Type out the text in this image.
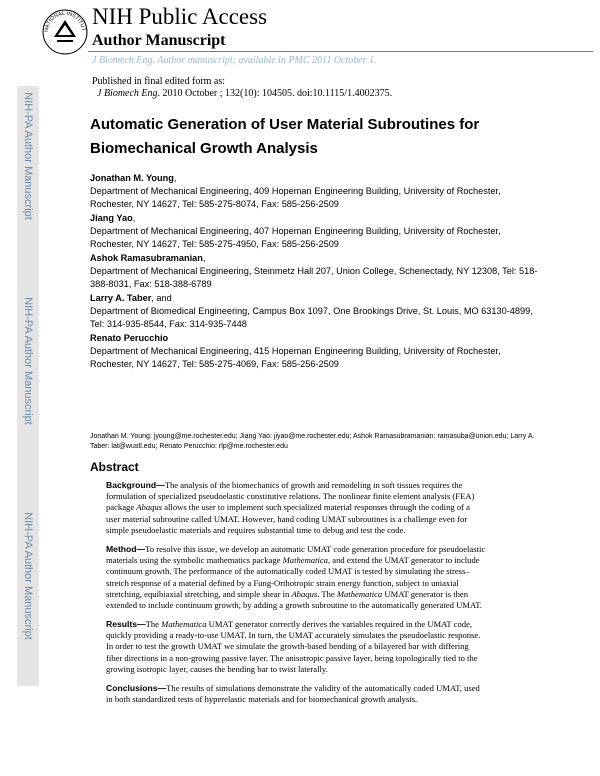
NATIONAL INSTITUT
NIH Public Access
Author Manuscript
J Biomech Eng. Author manuscript; available in PMC 2011 October 1.
NIH-PA Author Manuscript
NIH-PA Author Manuscript
NIH-PA Author Manuscript
Published in final edited form as:
J Biomech Eng. 2010 October ; 132(10): 104505. doi:10.1115/1.4002375.
Automatic Generation of User Material Subroutines for Biomechanical Growth Analysis
Jonathan M. Young,
Department of Mechanical Engineering, 409 Hopeman Engineering Building, University of Rochester, Rochester, NY 14627, Tel: 585-275-8074, Fax: 585-256-2509
Jiang Yao,
Department of Mechanical Engineering, 407 Hopeman Engineering Building, University of Rochester, Rochester, NY 14627, Tel: 585-275-4950, Fax: 585-256-2509
Ashok Ramasubramanian,
Department of Mechanical Engineering, Steinmetz Hall 207, Union College, Schenectady, NY 12308, Tel: 518-388-8031, Fax: 518-388-6789
Larry A. Taber, and
Department of Biomedical Engineering, Campus Box 1097, One Brookings Drive, St. Louis, MO 63130-4899, Tel: 314-935-8544, Fax: 314-935-7448
Renato Perucchio
Department of Mechanical Engineering, 415 Hopeman Engineering Building, University of Rochester, Rochester, NY 14627, Tel: 585-275-4069, Fax: 585-256-2509
Jonathan M. Young: jyoung@me.rochester.edu; Jiang Yao: jiyao@me.rochester.edu; Ashok Ramasubramanian: ramasuba@union.edu; Larry A. Taber: lat@wustl.edu; Renato Perucchio: rlp@me.rochester.edu
Abstract
Background—The analysis of the biomechanics of growth and remodeling in soft tissues requires the formulation of specialized pseudoelastic constitutive relations. The nonlinear finite element analysis (FEA) package Abaqus allows the user to implement such specialized material responses through the coding of a user material subroutine called UMAT. However, hand coding UMAT subroutines is a challenge even for simple pseudoelastic materials and requires substantial time to debug and test the code.
Method—To resolve this issue, we develop an automatic UMAT code generation procedure for pseudoelastic materials using the symbolic mathematics package Mathematica, and extend the UMAT generator to include continuum growth. The performance of the automatically coded UMAT is tested by simulating the stress–stretch response of a material defined by a Fung-Orthotropic strain energy function, subject to uniaxial stretching, equibiaxial stretching, and simple shear in Abaqus. The Mathematica UMAT generator is then extended to include continuum growth, by adding a growth subroutine to the automatically generated UMAT.
Results—The Mathematica UMAT generator correctly derives the variables required in the UMAT code, quickly providing a ready-to-use UMAT. In turn, the UMAT accurately simulates the pseudoelastic response. In order to test the growth UMAT we simulate the growth-based bending of a bilayered bar with differing fiber directions in a non-growing passive layer. The anisotropic passive layer, being topologically tied to the growing isotropic layer, causes the bending bar to twist laterally.
Conclusions—The results of simulations demonstrate the validity of the automatically coded UMAT, used in both standardized tests of hyperelastic materials and for biomechanical growth analysis.
